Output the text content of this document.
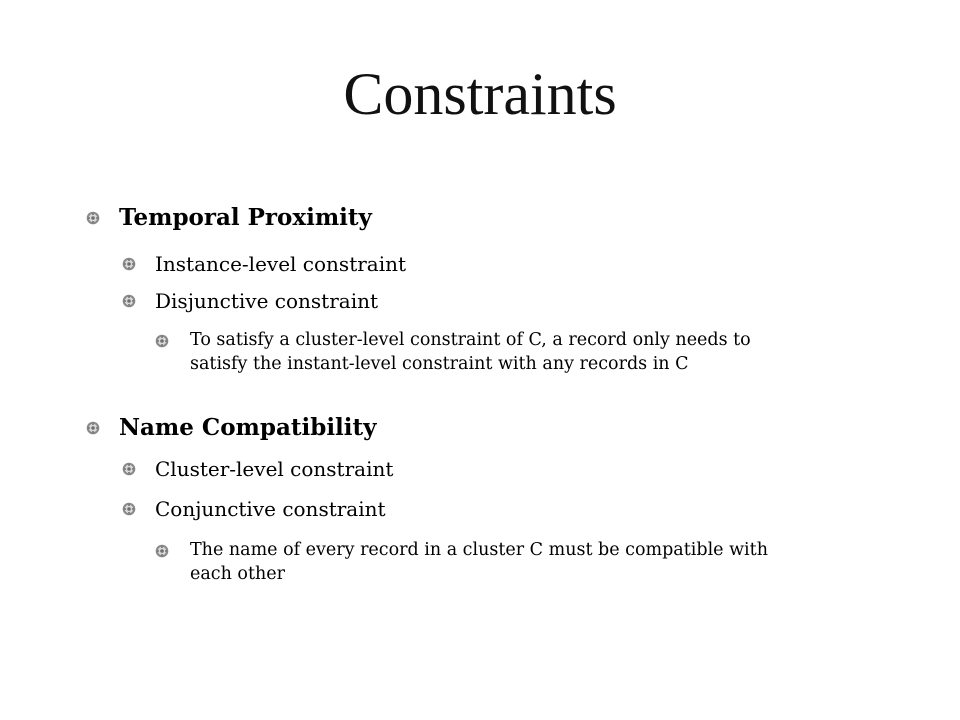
Constraints
Temporal Proximity
Instance-level constraint
Disjunctive constraint
To satisfy a cluster-level constraint of C, a record only needs to
satisfy the instant-level constraint with any records in C
Name Compatibility
Cluster-level constraint
Conjunctive constraint
The name of every record in a cluster C must be compatible with
each other
